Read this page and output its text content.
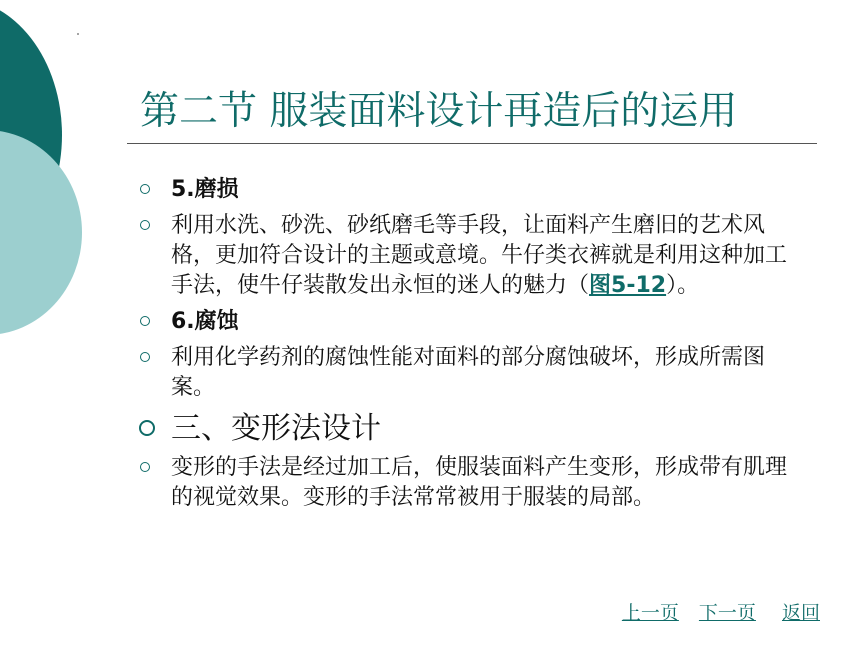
第二节 服装面料设计再造后的运用
5.磨损
利用水洗、砂洗、砂纸磨毛等手段，让面料产生磨旧的艺术风格，更加符合设计的主题或意境。牛仔类衣裤就是利用这种加工手法，使牛仔装散发出永恒的迷人的魅力（图5-12）。
6.腐蚀
利用化学药剂的腐蚀性能对面料的部分腐蚀破坏，形成所需图案。
三、变形法设计
变形的手法是经过加工后，使服装面料产生变形，形成带有肌理的视觉效果。变形的手法常常被用于服装的局部。
上一页 下一页 返回
